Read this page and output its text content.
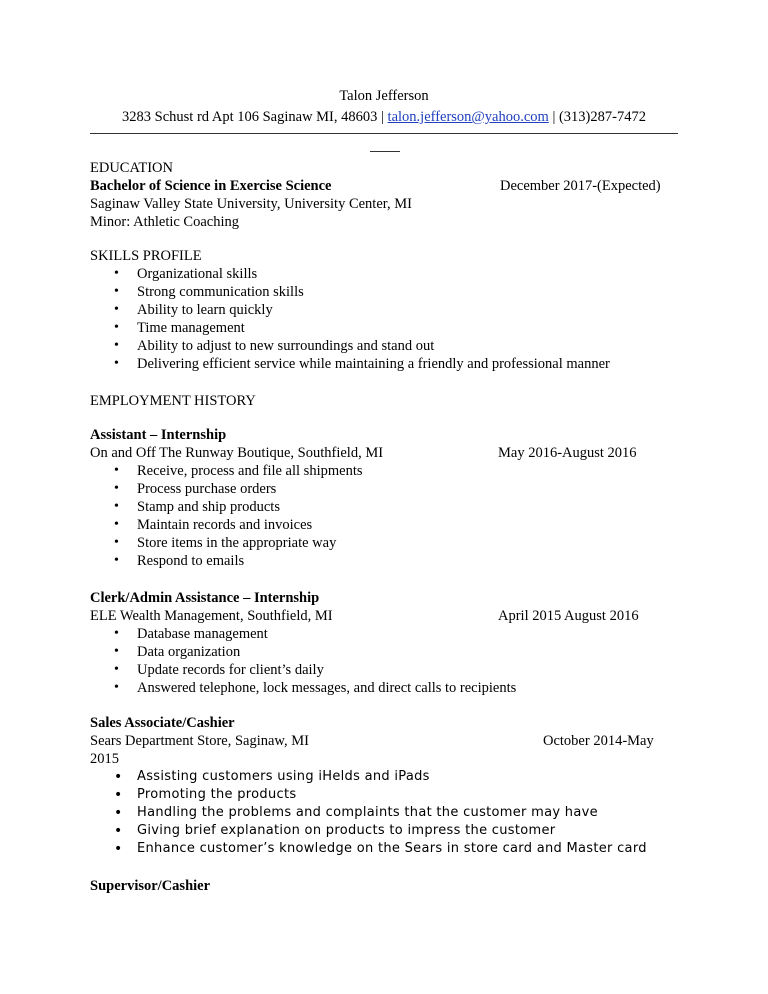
Talon Jefferson
3283 Schust rd Apt 106 Saginaw MI, 48603 | talon.jefferson@yahoo.com | (313)287-7472
EDUCATION
Bachelor of Science in Exercise Science	December 2017-(Expected)
Saginaw Valley State University, University Center, MI
Minor: Athletic Coaching
SKILLS PROFILE
• Organizational skills
• Strong communication skills
• Ability to learn quickly
• Time management
• Ability to adjust to new surroundings and stand out
• Delivering efficient service while maintaining a friendly and professional manner
EMPLOYMENT HISTORY
Assistant – Internship
On and Off The Runway Boutique, Southfield, MI	May 2016-August 2016
• Receive, process and file all shipments
• Process purchase orders
• Stamp and ship products
• Maintain records and invoices
• Store items in the appropriate way
• Respond to emails
Clerk/Admin Assistance – Internship
ELE Wealth Management, Southfield, MI	April 2015 August 2016
• Database management
• Data organization
• Update records for client’s daily
• Answered telephone, lock messages, and direct calls to recipients
Sales Associate/Cashier
Sears Department Store, Saginaw, MI	October 2014-May
2015
• Assisting customers using iHelds and iPads
• Promoting the products
• Handling the problems and complaints that the customer may have
• Giving brief explanation on products to impress the customer
• Enhance customer’s knowledge on the Sears in store card and Master card
Supervisor/Cashier
